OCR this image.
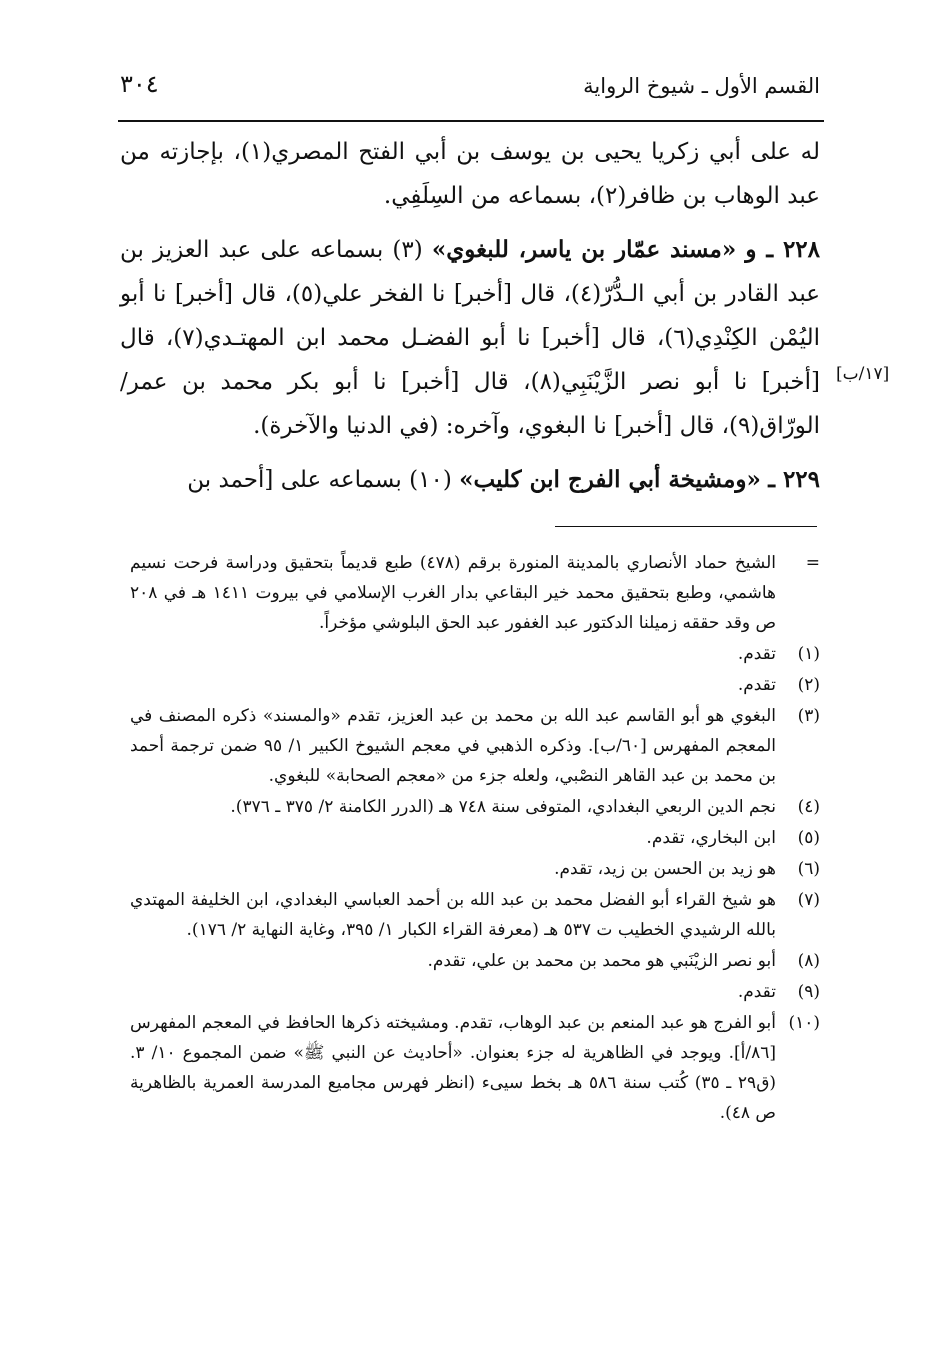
القسم الأول ـ شيوخ الرواية
٣٠٤

له على أبي زكريا يحيى بن يوسف بن أبي الفتح المصري(١)، بإجازته من عبد الوهاب بن ظافر(٢)، بسماعه من السِلَفِي.

٢٢٨ ـ و «مسند عمّار بن ياسر، للبغوي» (٣) بسماعه على عبد العزيز بن عبد القادر بن أبي الـدُّرّ(٤)، قال [أخبر] نا الفخر علي(٥)، قال [أخبر] نا أبو اليُمْن الكِنْدِي(٦)، قال [أخبر] نا أبو الفضـل محمد ابن المهتـدي(٧)، قال [أخبر] نا أبو نصر الزَّيْنَبِي(٨)، قال [أخبر] نا أبو بكر محمد بن عمر/ الورّاق(٩)، قال [أخبر] نا البغوي، وآخره: (في الدنيا والآخرة).

٢٢٩ ـ «ومشيخة أبي الفرج ابن كليب» (١٠) بسماعه على [أحمد بن

[١٧/ب]
=
الشيخ حماد الأنصاري بالمدينة المنورة برقم (٤٧٨) طبع قديماً بتحقيق ودراسة فرحت نسيم هاشمي، وطبع بتحقيق محمد خير البقاعي بدار الغرب الإسلامي في بيروت ١٤١١ هـ في ٢٠٨ ص وقد حققه زميلنا الدكتور عبد الغفور عبد الحق البلوشي مؤخراً.
(١)
تقدم.
(٢)
تقدم.
(٣)
البغوي هو أبو القاسم عبد الله بن محمد بن عبد العزيز، تقدم «والمسند» ذكره المصنف في المعجم المفهرس [٦٠/ب]. وذكره الذهبي في معجم الشيوخ الكبير ١/ ٩٥ ضمن ترجمة أحمد بن محمد بن عبد القاهر النصْبي، ولعله جزء من «معجم الصحابة» للبغوي.
(٤)
نجم الدين الربعي البغدادي، المتوفى سنة ٧٤٨ هـ (الدرر الكامنة ٢/ ٣٧٥ ـ ٣٧٦).
(٥)
ابن البخاري، تقدم.
(٦)
هو زيد بن الحسن بن زيد، تقدم.
(٧)
هو شيخ القراء أبو الفضل محمد بن عبد الله بن أحمد العباسي البغدادي، ابن الخليفة المهتدي بالله الرشيدي الخطيب ت ٥٣٧ هـ (معرفة القراء الكبار ١/ ٣٩٥، وغاية النهاية ٢/ ١٧٦).
(٨)
أبو نصر الزيْنَبي هو محمد بن محمد بن علي، تقدم.
(٩)
تقدم.
(١٠)
أبو الفرج هو عبد المنعم بن عبد الوهاب، تقدم. ومشيخته ذكرها الحافظ في المعجم المفهرس [٨٦/أ]. ويوجد في الظاهرية له جزء بعنوان. «أحاديث عن النبي ﷺ» ضمن المجموع ١٠/ ٣. (ق٢٩ ـ ٣٥) كُتب سنة ٥٨٦ هـ بخط سيىء (انظر فهرس مجاميع المدرسة العمرية بالظاهرية ص ٤٨).
